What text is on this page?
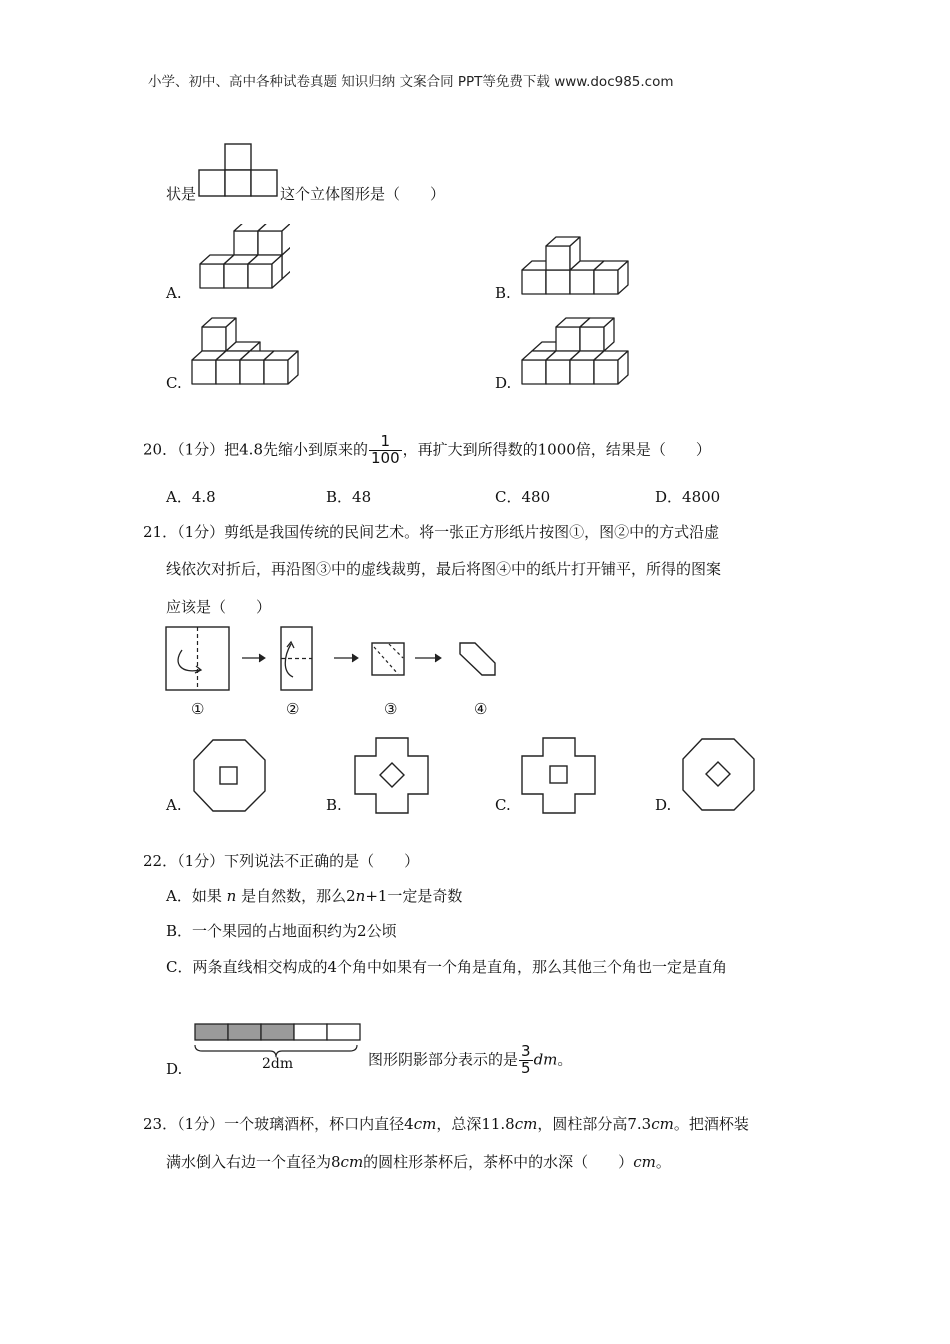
小学、初中、高中各种试卷真题 知识归纳 文案合同 PPT等免费下载 www.doc985.com
状是	这个立体图形是（　　）
A.	B.
C.	D.
20．（1分）把4.8先缩小到原来的 $\frac{1}{100}$ ，再扩大到所得数的1000倍，结果是（　　）
A．4.8	B．48	C．480	D．4800
21．（1分）剪纸是我国传统的民间艺术。将一张正方形纸片按图①，图②中的方式沿虚
线依次对折后，再沿图③中的虚线裁剪，最后将图④中的纸片打开铺平，所得的图案
应该是（　　）
①	②	③	④
A.	B.	C.	D.
22．（1分）下列说法不正确的是（　　）
A．如果 n 是自然数，那么2n+1一定是奇数
B．一个果园的占地面积约为2公顷
C．两条直线相交构成的4个角中如果有一个角是直角，那么其他三个角也一定是直角
D.	2dm	图形阴影部分表示的是 $\frac{3}{5}$ dm。
23．（1分）一个玻璃酒杯，杯口内直径4cm，总深11.8cm，圆柱部分高7.3cm。把酒杯装
满水倒入右边一个直径为8cm的圆柱形茶杯后，茶杯中的水深（　　）cm。
